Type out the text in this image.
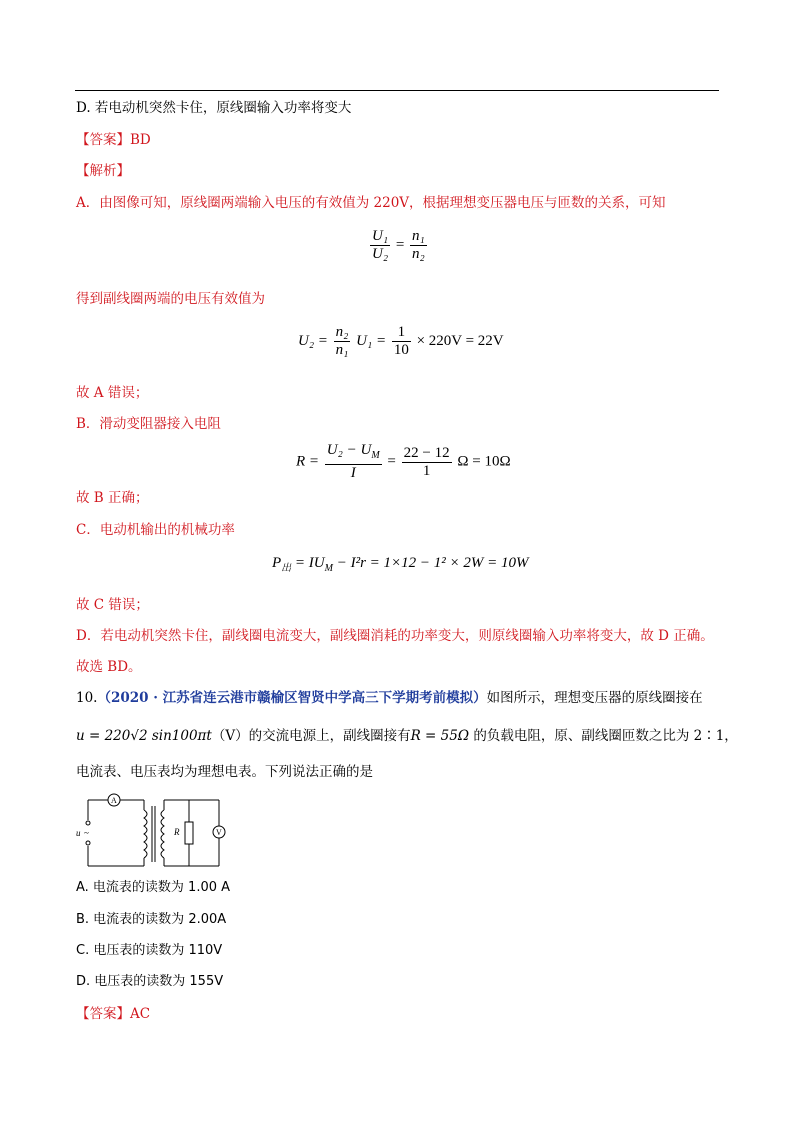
D. 若电动机突然卡住，原线圈输入功率将变大
【答案】BD
【解析】
A．由图像可知，原线圈两端输入电压的有效值为 220V，根据理想变压器电压与匝数的关系，可知
$\frac{\text{U₁}}{\text{U₂}} = \frac{\text{n₁}}{\text{n₂}}$
得到副线圈两端的电压有效值为
$U_2 = \frac{\text{n₂}}{\text{n₁}} U_1 = \frac{1}{10} \times 220V = 22V$
故 A 错误；
B．滑动变阻器接入电阻
$R = \frac{U_2 - U_M}{I} = \frac{22 - 12}{1}$ Ω = 10Ω
故 B 正确；
C．电动机输出的机械功率
$P_出 = IU_M - I^2r = 1\times 12 - 1^2 \times 2W = 10W$
故 C 错误；
D．若电动机突然卡住，副线圈电流变大，副线圈消耗的功率变大，则原线圈输入功率将变大，故 D 正确。
故选 BD。
10.（2020 · 江苏省连云港市赣榆区智贤中学高三下学期考前模拟）如图所示，理想变压器的原线圈接在
u = 220√2 sin100πt（V）的交流电源上，副线圈接有R = 55Ω 的负载电阻，原、副线圈匝数之比为 2∶1，
电流表、电压表均为理想电表。下列说法正确的是
A
V
R
u ~
A. 电流表的读数为 1.00 A
B. 电流表的读数为 2.00A
C. 电压表的读数为 110V
D. 电压表的读数为 155V
【答案】AC
